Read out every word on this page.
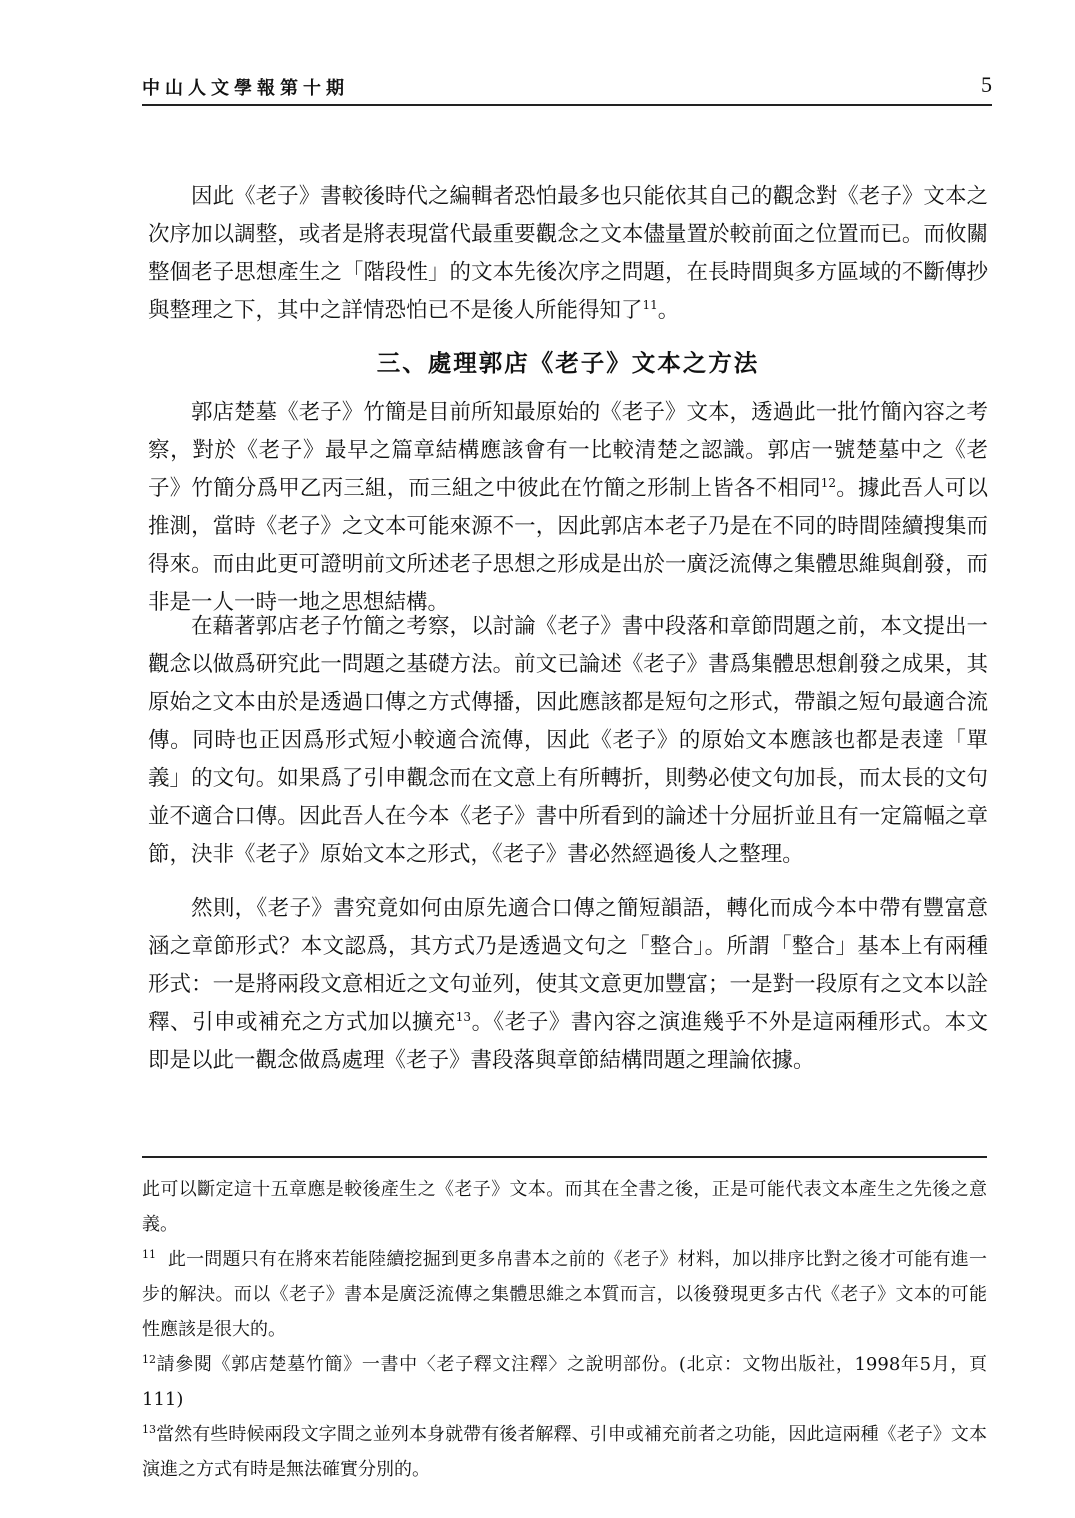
中山人文學報第十期	5

因此《老子》書較後時代之編輯者恐怕最多也只能依其自己的觀念對《老子》文本之次序加以調整，或者是將表現當代最重要觀念之文本儘量置於較前面之位置而已。而攸關整個老子思想產生之「階段性」的文本先後次序之問題，在長時間與多方區域的不斷傳抄與整理之下，其中之詳情恐怕已不是後人所能得知了$^{11}$。

三、處理郭店《老子》文本之方法

郭店楚墓《老子》竹簡是目前所知最原始的《老子》文本，透過此一批竹簡內容之考察，對於《老子》最早之篇章結構應該會有一比較清楚之認識。郭店一號楚墓中之《老子》竹簡分爲甲乙丙三組，而三組之中彼此在竹簡之形制上皆各不相同$^{12}$。據此吾人可以推測，當時《老子》之文本可能來源不一，因此郭店本老子乃是在不同的時間陸續搜集而得來。而由此更可證明前文所述老子思想之形成是出於一廣泛流傳之集體思維與創發，而非是一人一時一地之思想結構。

在藉著郭店老子竹簡之考察，以討論《老子》書中段落和章節問題之前，本文提出一觀念以做爲研究此一問題之基礎方法。前文已論述《老子》書爲集體思想創發之成果，其原始之文本由於是透過口傳之方式傳播，因此應該都是短句之形式，帶韻之短句最適合流傳。同時也正因爲形式短小較適合流傳，因此《老子》的原始文本應該也都是表達「單義」的文句。如果爲了引申觀念而在文意上有所轉折，則勢必使文句加長，而太長的文句並不適合口傳。因此吾人在今本《老子》書中所看到的論述十分屈折並且有一定篇幅之章節，決非《老子》原始文本之形式，《老子》書必然經過後人之整理。

然則，《老子》書究竟如何由原先適合口傳之簡短韻語，轉化而成今本中帶有豐富意涵之章節形式？本文認爲，其方式乃是透過文句之「整合」。所謂「整合」基本上有兩種形式：一是將兩段文意相近之文句並列，使其文意更加豐富；一是對一段原有之文本以詮釋、引申或補充之方式加以擴充$^{13}$。《老子》書內容之演進幾乎不外是這兩種形式。本文即是以此一觀念做爲處理《老子》書段落與章節結構問題之理論依據。

此可以斷定這十五章應是較後產生之《老子》文本。而其在全書之後，正是可能代表文本產生之先後之意義。
$^{11}$ 此一問題只有在將來若能陸續挖掘到更多帛書本之前的《老子》材料，加以排序比對之後才可能有進一步的解決。而以《老子》書本是廣泛流傳之集體思維之本質而言，以後發現更多古代《老子》文本的可能性應該是很大的。
$^{12}$請參閱《郭店楚墓竹簡》一書中〈老子釋文注釋〉之說明部份。(北京：文物出版社，1998年5月，頁111)
$^{13}$當然有些時候兩段文字間之並列本身就帶有後者解釋、引申或補充前者之功能，因此這兩種《老子》文本演進之方式有時是無法確實分別的。
